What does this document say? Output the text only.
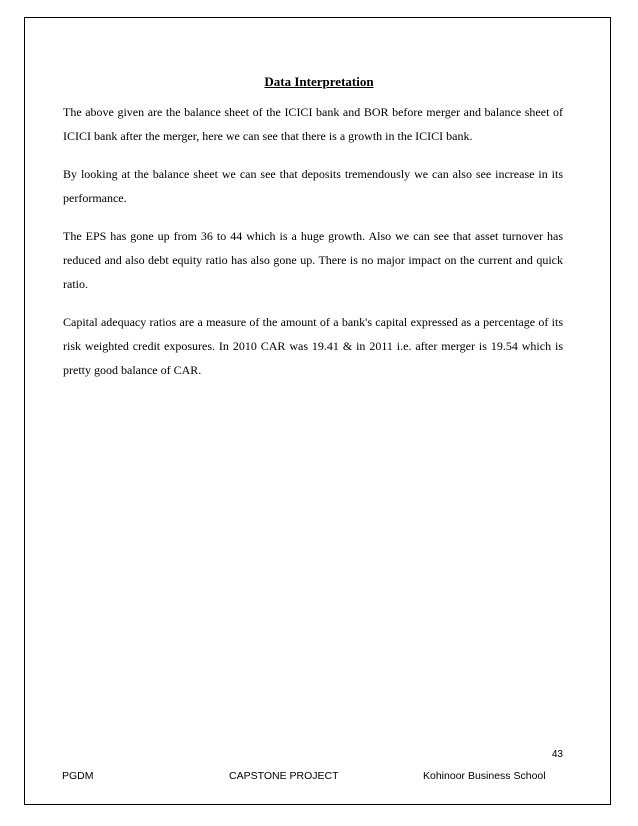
Data Interpretation

The above given are the balance sheet of the ICICI bank and BOR before merger and balance sheet of ICICI bank after the merger, here we can see that there is a growth in the ICICI bank.

By looking at the balance sheet we can see that deposits tremendously we can also see increase in its performance.

The EPS has gone up from 36 to 44 which is a huge growth. Also we can see that asset turnover has reduced and also debt equity ratio has also gone up. There is no major impact on the current and quick ratio.

Capital adequacy ratios are a measure of the amount of a bank's capital expressed as a percentage of its risk weighted credit exposures. In 2010 CAR was 19.41 & in 2011 i.e. after merger is 19.54 which is pretty good balance of CAR.

43
PGDM	CAPSTONE PROJECT	Kohinoor Business School
